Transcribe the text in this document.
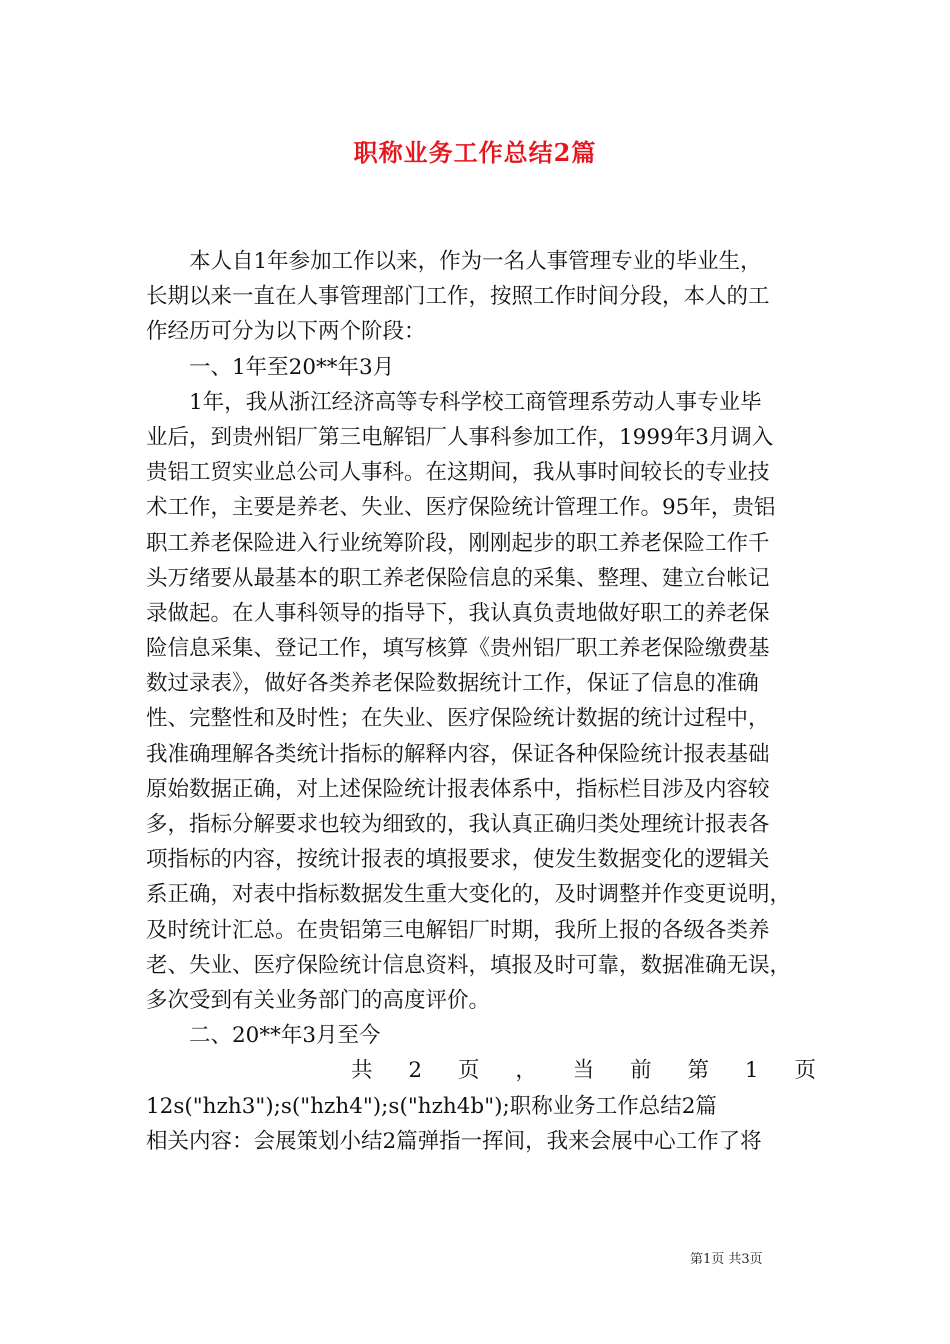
职称业务工作总结2篇
本人自1年参加工作以来，作为一名人事管理专业的毕业生，
长期以来一直在人事管理部门工作，按照工作时间分段，本人的工
作经历可分为以下两个阶段：
一、1年至20**年3月
1年，我从浙江经济高等专科学校工商管理系劳动人事专业毕
业后，到贵州铝厂第三电解铝厂人事科参加工作，1999年3月调入
贵铝工贸实业总公司人事科。在这期间，我从事时间较长的专业技
术工作，主要是养老、失业、医疗保险统计管理工作。95年，贵铝
职工养老保险进入行业统筹阶段，刚刚起步的职工养老保险工作千
头万绪要从最基本的职工养老保险信息的采集、整理、建立台帐记
录做起。在人事科领导的指导下，我认真负责地做好职工的养老保
险信息采集、登记工作，填写核算《贵州铝厂职工养老保险缴费基
数过录表》，做好各类养老保险数据统计工作，保证了信息的准确
性、完整性和及时性；在失业、医疗保险统计数据的统计过程中，
我准确理解各类统计指标的解释内容，保证各种保险统计报表基础
原始数据正确，对上述保险统计报表体系中，指标栏目涉及内容较
多，指标分解要求也较为细致的，我认真正确归类处理统计报表各
项指标的内容，按统计报表的填报要求，使发生数据变化的逻辑关
系正确，对表中指标数据发生重大变化的，及时调整并作变更说明，
及时统计汇总。在贵铝第三电解铝厂时期，我所上报的各级各类养
老、失业、医疗保险统计信息资料，填报及时可靠，数据准确无误，
多次受到有关业务部门的高度评价。
二、20**年3月至今
共 2 页 ， 当 前 第 1 页
12s("hzh3");s("hzh4");s("hzh4b");职称业务工作总结2篇
相关内容：会展策划小结2篇弹指一挥间，我来会展中心工作了将
第1页 共3页
